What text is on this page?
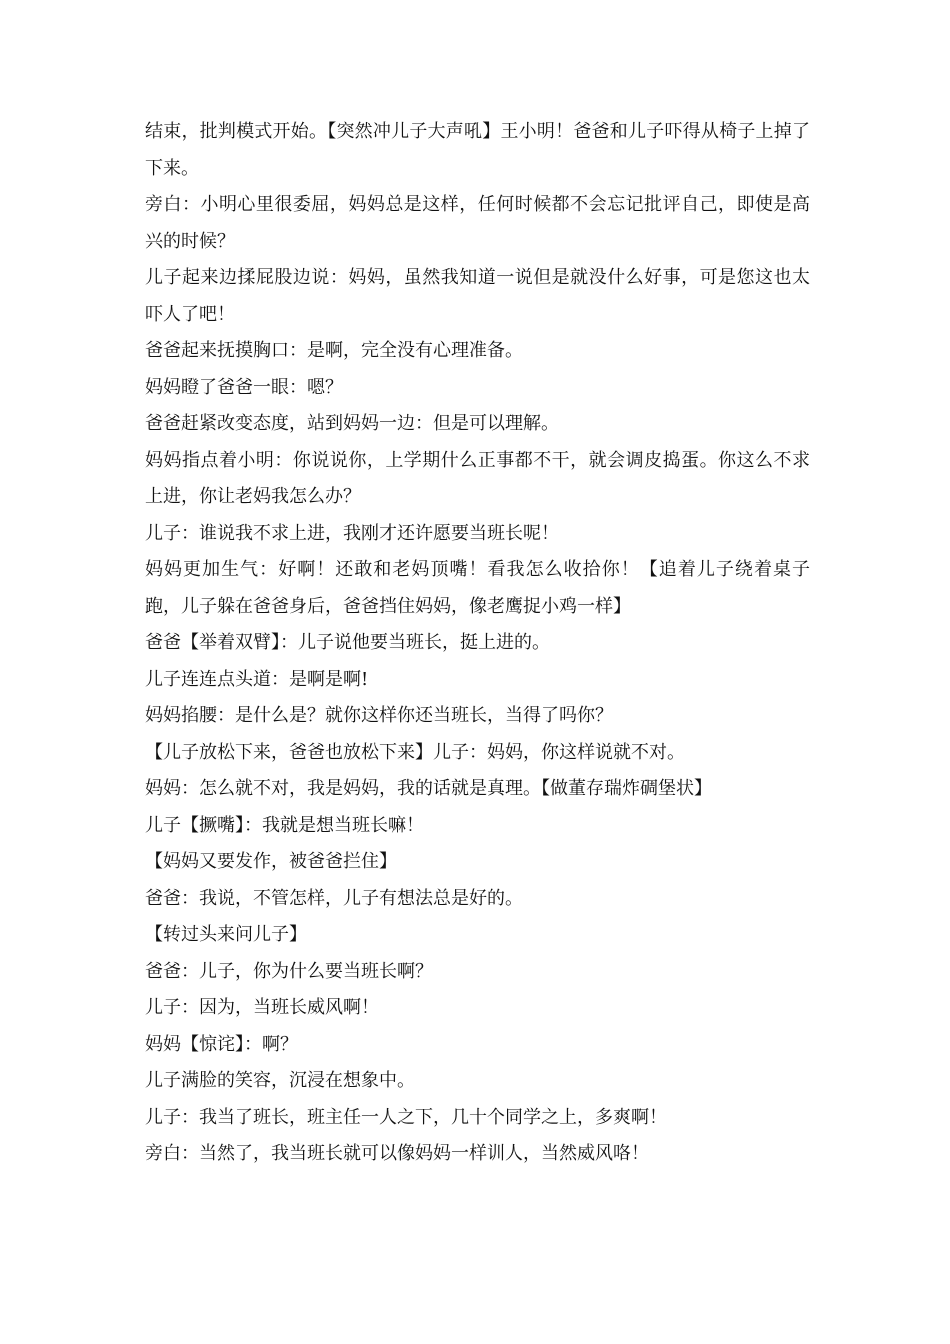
结束，批判模式开始。【突然冲儿子大声吼】王小明！爸爸和儿子吓得从椅子上掉了下来。

旁白：小明心里很委屈，妈妈总是这样，任何时候都不会忘记批评自己，即使是高兴的时候？

儿子起来边揉屁股边说：妈妈，虽然我知道一说但是就没什么好事，可是您这也太吓人了吧！

爸爸起来抚摸胸口：是啊，完全没有心理准备。

妈妈瞪了爸爸一眼：嗯？

爸爸赶紧改变态度，站到妈妈一边：但是可以理解。

妈妈指点着小明：你说说你，上学期什么正事都不干，就会调皮捣蛋。你这么不求上进，你让老妈我怎么办？

儿子：谁说我不求上进，我刚才还许愿要当班长呢！

妈妈更加生气：好啊！还敢和老妈顶嘴！看我怎么收拾你！【追着儿子绕着桌子跑，儿子躲在爸爸身后，爸爸挡住妈妈，像老鹰捉小鸡一样】

爸爸【举着双臂】：儿子说他要当班长，挺上进的。

儿子连连点头道：是啊是啊!

妈妈掐腰：是什么是？就你这样你还当班长，当得了吗你？

【儿子放松下来，爸爸也放松下来】儿子：妈妈，你这样说就不对。

妈妈：怎么就不对，我是妈妈，我的话就是真理。【做董存瑞炸碉堡状】

儿子【撅嘴】：我就是想当班长嘛！

【妈妈又要发作，被爸爸拦住】

爸爸：我说，不管怎样，儿子有想法总是好的。

【转过头来问儿子】

爸爸：儿子，你为什么要当班长啊？

儿子：因为，当班长威风啊！

妈妈【惊诧】：啊？

儿子满脸的笑容，沉浸在想象中。

儿子：我当了班长，班主任一人之下，几十个同学之上，多爽啊！

旁白：当然了，我当班长就可以像妈妈一样训人，当然威风咯！
